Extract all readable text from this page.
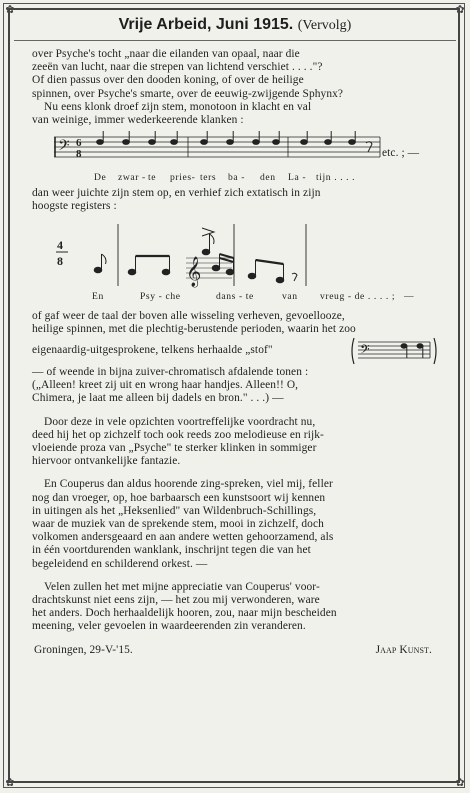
✿	✿
✿	✿
Vrije Arbeid, Juni 1915. (Vervolg)

over Psyche's tocht „naar die eilanden van opaal, naar die
zeeën van lucht, naar die strepen van lichtend verschiet . . . ."?
Of dien passus over den dooden koning, of over de heilige
spinnen, over Psyche's smarte, over de eeuwig-zwijgende Sphynx?

Nu eens klonk droef zijn stem, monotoon in klacht en val
van weinige, immer wederkeerende klanken :

𝄢 6
8	etc. ; —
De zwar - te pries- ters ba - den La - tijn . . . .

dan weer juichte zijn stem op, en verhief zich extatisch in zijn
hoogste registers :

4
8	𝄞
En	Psy - che	dans - te	van vreug - de . . . . ; —

of gaf weer de taal der boven alle wisseling verheven, gevoellooze,
heilige spinnen, met die plechtig-berustende perioden, waarin het zoo

eigenaardig-uitgesprokene, telkens herhaalde „stof"	𝄢

— of weende in bijna zuiver-chromatisch afdalende tonen :
(„Alleen! kreet zij uit en wrong haar handjes. Alleen!! O,
Chimera, je laat me alleen bij dadels en bron." . . .) —

Door deze in vele opzichten voortreffelijke voordracht nu,
deed hij het op zichzelf toch ook reeds zoo melodieuse en rijk-
vloeiende proza van „Psyche" te sterker klinken in sommiger
hiervoor ontvankelijke fantazie.

En Couperus dan aldus hoorende zing-spreken, viel mij, feller
nog dan vroeger, op, hoe barbaarsch een kunstsoort wij kennen
in uitingen als het „Heksenlied" van Wildenbruch-Schillings,
waar de muziek van de sprekende stem, mooi in zichzelf, doch
volkomen andersgeaard en aan andere wetten gehoorzamend, als
in één voortdurenden wanklank, inschrijnt tegen die van het
begeleidend en schilderend orkest. —

Velen zullen het met mijne appreciatie van Couperus' voor-
drachtskunst niet eens zijn, — het zou mij verwonderen, ware
het anders. Doch herhaaldelijk hooren, zou, naar mijn bescheiden
meening, veler gevoelen in waardeerenden zin veranderen.

Groningen, 29-V-'15.	Jaap Kunst.
